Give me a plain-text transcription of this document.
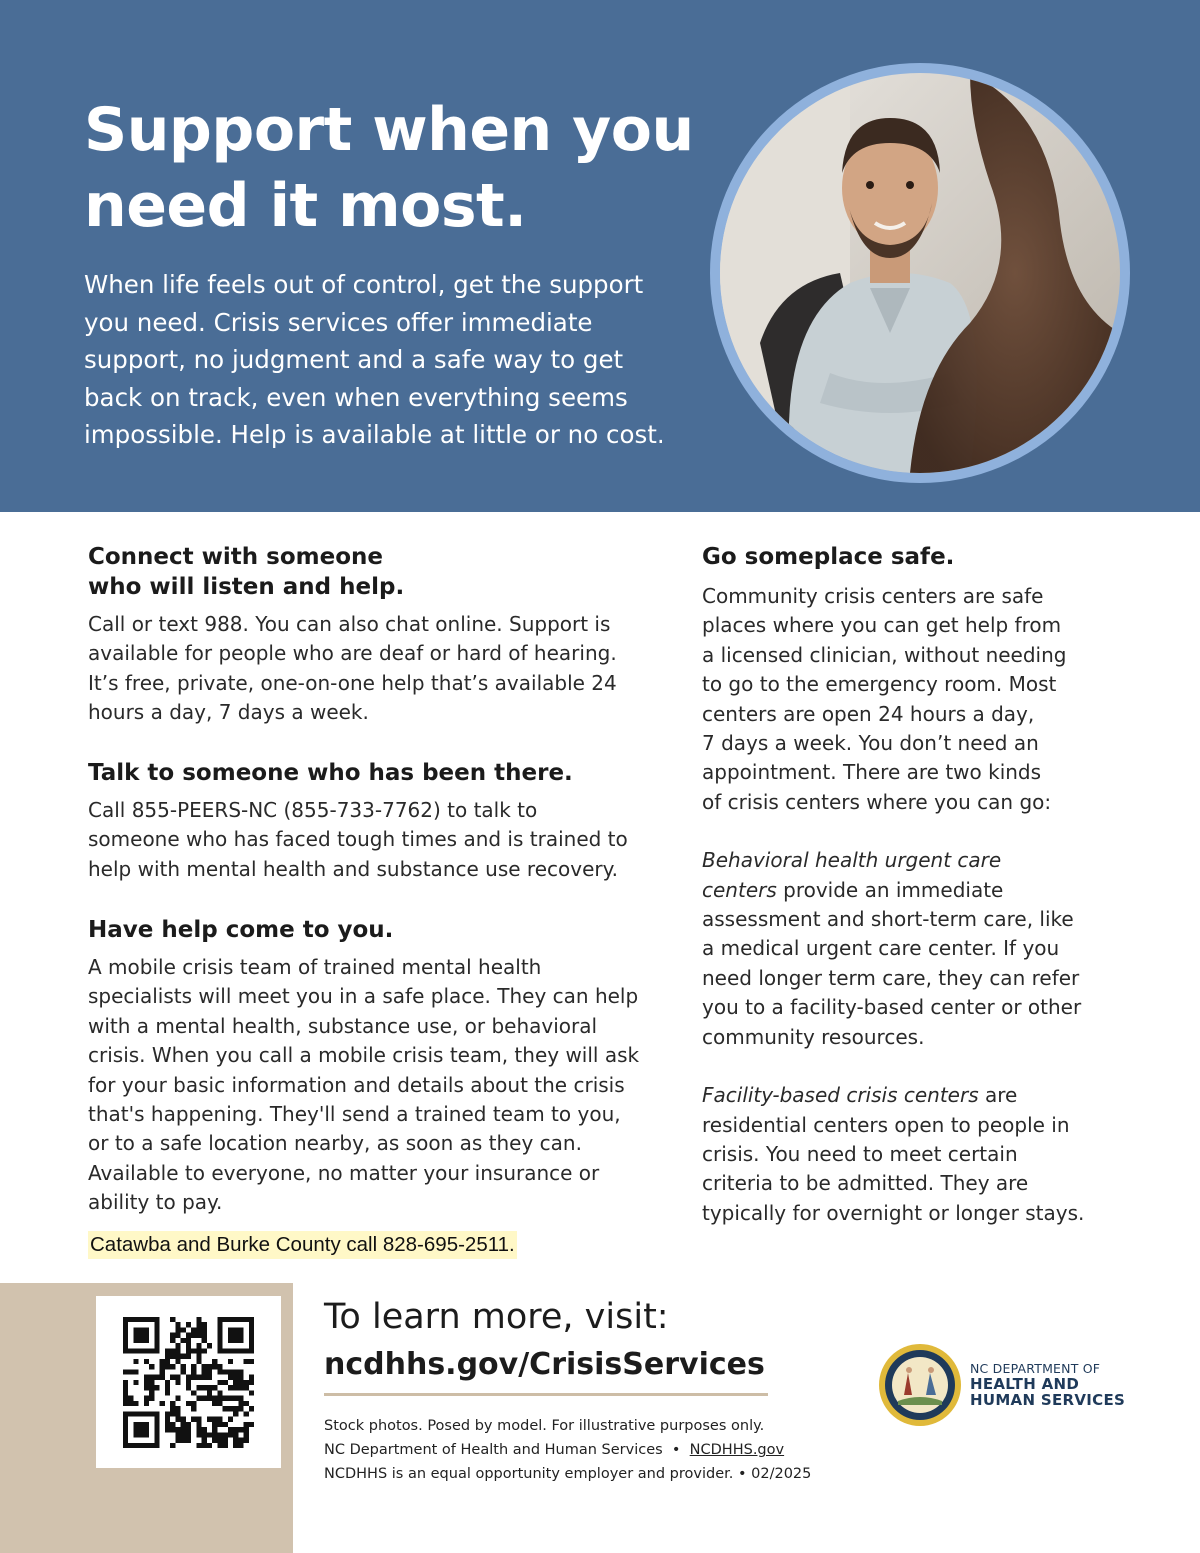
Support when you
need it most.

When life feels out of control, get the support
you need. Crisis services offer immediate
support, no judgment and a safe way to get
back on track, even when everything seems
impossible. Help is available at little or no cost.

Connect with someone
who will listen and help.

Call or text 988. You can also chat online. Support is
available for people who are deaf or hard of hearing.
It’s free, private, one-on-one help that’s available 24
hours a day, 7 days a week.

Talk to someone who has been there.

Call 855-PEERS-NC (855-733-7762) to talk to
someone who has faced tough times and is trained to
help with mental health and substance use recovery.

Have help come to you.

A mobile crisis team of trained mental health
specialists will meet you in a safe place. They can help
with a mental health, substance use, or behavioral
crisis. When you call a mobile crisis team, they will ask
for your basic information and details about the crisis
that's happening. They'll send a trained team to you,
or to a safe location nearby, as soon as they can.
Available to everyone, no matter your insurance or
ability to pay.

Catawba and Burke County call 828-695-2511.
Go someplace safe.

Community crisis centers are safe
places where you can get help from
a licensed clinician, without needing
to go to the emergency room. Most
centers are open 24 hours a day,
7 days a week. You don’t need an
appointment. There are two kinds
of crisis centers where you can go:

Behavioral health urgent care
centers provide an immediate
assessment and short-term care, like
a medical urgent care center. If you
need longer term care, they can refer
you to a facility-based center or other
community resources.

Facility-based crisis centers are
residential centers open to people in
crisis. You need to meet certain
criteria to be admitted. They are
typically for overnight or longer stays.

To learn more, visit:

ncdhhs.gov/CrisisServices

Stock photos. Posed by model. For illustrative purposes only.
NC Department of Health and Human Services  •  NCDHHS.gov
NCDHHS is an equal opportunity employer and provider. • 02/2025
NC DEPARTMENT OF
HEALTH AND
HUMAN SERVICES
